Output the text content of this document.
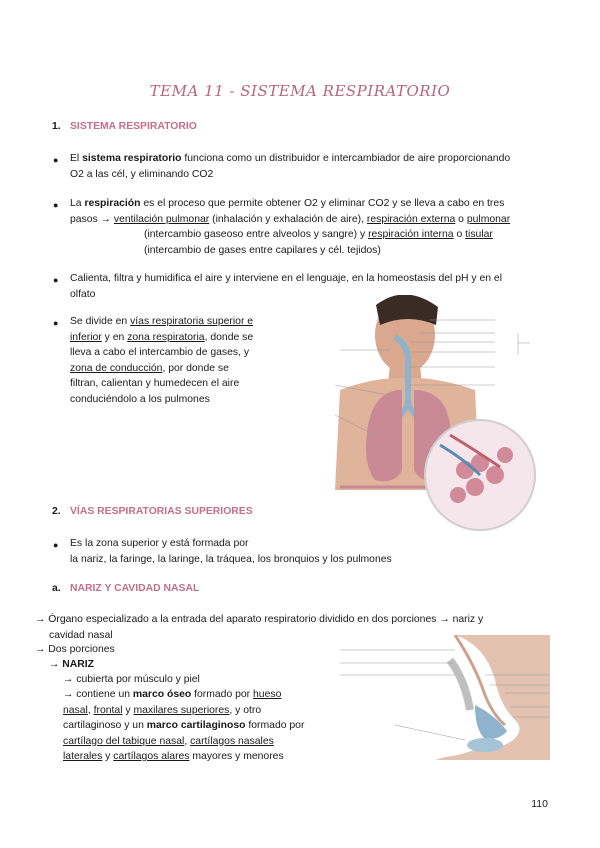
TEMA 11 - SISTEMA RESPIRATORIO
1. SISTEMA RESPIRATORIO
● El sistema respiratorio funciona como un distribuidor e intercambiador de aire proporcionando
O2 a las cél, y eliminando CO2
● La respiración es el proceso que permite obtener O2 y eliminar CO2 y se lleva a cabo en tres
pasos → ventilación pulmonar (inhalación y exhalación de aire), respiración externa o pulmonar
(intercambio gaseoso entre alveolos y sangre) y respiración interna o tisular
(intercambio de gases entre capilares y cél. tejidos)
● Calienta, filtra y humidifica el aire y interviene en el lenguaje, en la homeostasis del pH y en el
olfato
● Se divide en vías respiratoria superior e
inferior y en zona respiratoria, donde se
lleva a cabo el intercambio de gases, y
zona de conducción, por donde se
filtran, calientan y humedecen el aire
conduciéndolo a los pulmones
2. VÍAS RESPIRATORIAS SUPERIORES
● Es la zona superior y está formada por
la nariz, la faringe, la laringe, la tráquea, los bronquios y los pulmones
a. NARIZ Y CAVIDAD NASAL
→ Órgano especializado a la entrada del aparato respiratorio dividido en dos porciones → nariz y
cavidad nasal
→ Dos porciones
→ NARIZ
→ cubierta por músculo y piel
→ contiene un marco óseo formado por hueso
nasal, frontal y maxilares superiores, y otro
cartilaginoso y un marco cartilaginoso formado por
cartílago del tabique nasal, cartílagos nasales
laterales y cartílagos alares mayores y menores
110
